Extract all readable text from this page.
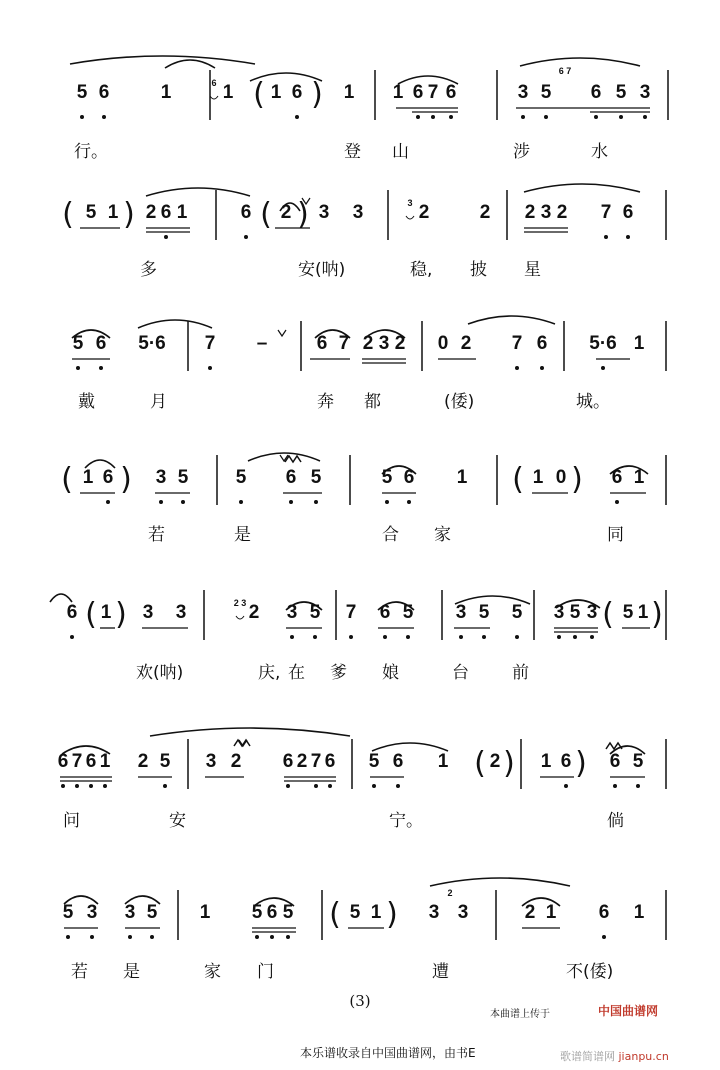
5 6	1	1
6 ( 1 6 ) 1 1 6 7 6	3 5 6 5 3
6 7
行。	登 山	涉	水
( 5 1 ) 2 6 1	6 ( 2 ) 3 3	2
3	2 2 3 2 7 6
多	安(呐)	稳, 披 星
5 6 5·6 7 –	6 7 2 3 2 0 2 7 6 5·6 1
戴	月	奔 都	(倭)	城。
( 1 6 ) 3 5 5 6 5	5 6 1 ( 1 0 ) 6 1
若	是	合 家	同
6 ( 1 ) 3 3	2
2 3 3 5 7 6 5 3 5 5 3 5 3 ( 5 1 )
欢(呐)	庆, 在 爹 娘	台	前
6 7 6 1 2 5 3 2 6 2 7 6 5 6 1 ( 2 ) 1 6 ) 6 5
问	安	宁。	倘
5 3 3 5 1 5 6 5 ( 5 1 ) 3 3	2 1 6 1
2
若 是	家 门	遭	不(倭)
(3)
本曲谱上传于	中国曲谱网
本乐谱收录自中国曲谱网，由书E	歌谱简谱网 jianpu.cn
